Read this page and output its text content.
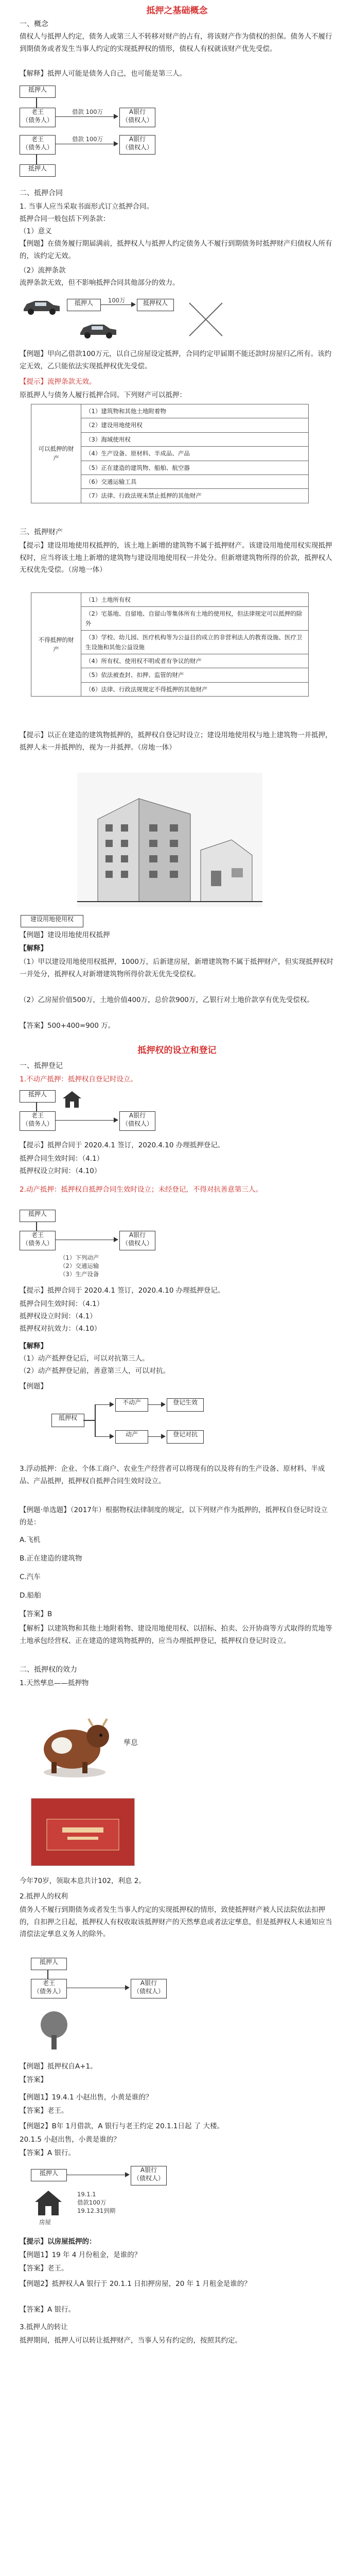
抵押之基础概念
一、概念
债权人与抵押人约定，债务人或第三人不转移对财产的占有，将该财产作为债权的担保。债务人不履行到期债务或者发生当事人约定的实现抵押权的情形，债权人有权就该财产优先受偿。
【解释】抵押人可能是债务人自己，也可能是第三人。
抵押人
老王
（债务人）
借款 100万	A银行
（债权人）
老王
（债务人）
借款 100万	A银行
（债权人）
抵押人
二、抵押合同
1. 当事人应当采取书面形式订立抵押合同。
抵押合同一般包括下列条款：
（1）意义
【例题】在债务履行期届满前，抵押权人与抵押人约定债务人不履行到期债务时抵押财产归债权人所有的，该约定无效。
（2）流押条款
流押条款无效，但不影响抵押合同其他部分的效力。
抵押人	100万	抵押权人
【例题】甲向乙借款100万元，以自己房屋设定抵押，合同约定甲届期不能还款时房屋归乙所有。该约定无效，乙只能依法实现抵押权优先受偿。
【提示】流押条款无效。
原抵押人与债务人履行抵押合同。下列财产可以抵押：
可以抵押的财产
（1）建筑物和其他土地附着物
（2）建设用地使用权
（3）海域使用权
（4）生产设备、原材料、半成品、产品
（5）正在建造的建筑物、船舶、航空器
（6）交通运输工具
（7）法律、行政法规未禁止抵押的其他财产
三、抵押财产
【提示】建设用地使用权抵押的，该土地上新增的建筑物不属于抵押财产。该建设用地使用权实现抵押权时，应当将该土地上新增的建筑物与建设用地使用权一并处分。但新增建筑物所得的价款，抵押权人无权优先受偿。（房地一体）
不得抵押的财产
（1）土地所有权
（2）宅基地、自留地、自留山等集体所有土地的使用权，但法律规定可以抵押的除外
（3）学校、幼儿园、医疗机构等为公益目的成立的非营利法人的教育设施、医疗卫生设施和其他公益设施
（4）所有权、使用权不明或者有争议的财产
（5）依法被查封、扣押、监管的财产
（6）法律、行政法规规定不得抵押的其他财产
【提示】以正在建造的建筑物抵押的，抵押权自登记时设立；建设用地使用权与地上建筑物一并抵押，抵押人未一并抵押的，视为一并抵押。（房地一体）
建设用地使用权
【例题】建设用地使用权抵押
【解释】
（1）甲以建设用地使用权抵押，1000万，后新建房屋，新增建筑物不属于抵押财产，但实现抵押权时一并处分，抵押权人对新增建筑物所得价款无优先受偿权。
（2）乙房屋价值500万，土地价值400万，总价款900万，乙银行对土地价款享有优先受偿权。
【答案】500+400=900 万。
抵押权的设立和登记
一、抵押登记
1.不动产抵押：抵押权自登记时设立。
抵押人
老王
（债务人）
A银行
（债权人）
【提示】抵押合同于 2020.4.1 签订，2020.4.10 办理抵押登记。
抵押合同生效时间：（4.1）
抵押权设立时间：（4.10）
2.动产抵押：抵押权自抵押合同生效时设立；未经登记，不得对抗善意第三人。
抵押人
老王
（债务人）
A银行
（债权人）
（1）下列动产
（2）交通运输
（3）生产设备
【提示】抵押合同于 2020.4.1 签订，2020.4.10 办理抵押登记。
抵押合同生效时间：（4.1）
抵押权设立时间：（4.1）
抵押权对抗效力：（4.10）
【解释】
（1）动产抵押登记后，可以对抗第三人。
（2）动产抵押登记前，善意第三人，可以对抗。
【例题】
抵押权
不动产
动产
登记生效
登记对抗
3.浮动抵押：企业、个体工商户、农业生产经营者可以将现有的以及将有的生产设备、原材料、半成品、产品抵押，抵押权自抵押合同生效时设立。
【例题·单选题】（2017年）根据物权法律制度的规定，以下列财产作为抵押的，抵押权自登记时设立的是：
A.飞机
B.正在建造的建筑物
C.汽车
D.船舶
【答案】B
【解析】以建筑物和其他土地附着物、建设用地使用权、以招标、拍卖、公开协商等方式取得的荒地等土地承包经营权、正在建造的建筑物抵押的，应当办理抵押登记，抵押权自登记时设立。
二、抵押权的效力
1.天然孳息——抵押物
孳息
今年70岁，领取本息共计102，利息 2。
2.抵押人的权利
债务人不履行到期债务或者发生当事人约定的实现抵押权的情形，致使抵押财产被人民法院依法扣押的，自扣押之日起，抵押权人有权收取该抵押财产的天然孳息或者法定孳息，但是抵押权人未通知应当清偿法定孳息义务人的除外。
抵押人
老王
（债务人）
A银行
（债权人）
【例题】抵押权自A+1。
【答案】
【例题1】19.4.1 小赵出售，小黄是谁的？
【答案】老王。
【例题2】B年 1月借款，A 银行与老王约定 20.1.1日起 了 大楼。
20.1.5 小赵出售，小黄是谁的？
【答案】A 银行。
抵押人	A银行
（债权人）
房屋
19.1.1
借款100万
19.12.31到期
【提示】以房屋抵押的：
【例题1】19 年 4 月份租金，是谁的？
【答案】老王。
【例题2】抵押权人A 银行于 20.1.1 日扣押房屋，20 年 1 月租金是谁的？
【答案】A 银行。
3.抵押人的转让
抵押期间，抵押人可以转让抵押财产，当事人另有约定的，按照其约定。
